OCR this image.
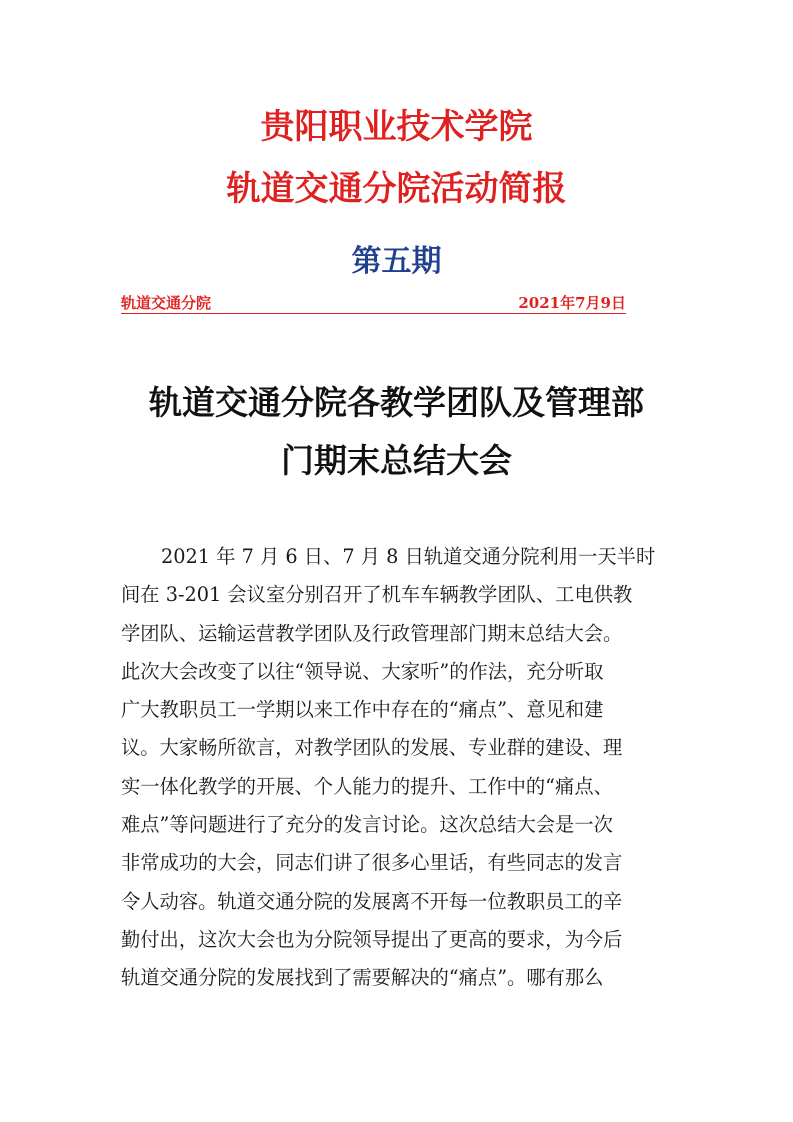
贵阳职业技术学院
轨道交通分院活动简报
第五期
轨道交通分院	2021年7月9日
轨道交通分院各教学团队及管理部
门期末总结大会
2021 年 7 月 6 日、7 月 8 日轨道交通分院利用一天半时
间在 3-201 会议室分别召开了机车车辆教学团队、工电供教
学团队、运输运营教学团队及行政管理部门期末总结大会。
此次大会改变了以往“领导说、大家听”的作法，充分听取
广大教职员工一学期以来工作中存在的“痛点”、意见和建
议。大家畅所欲言，对教学团队的发展、专业群的建设、理
实一体化教学的开展、个人能力的提升、工作中的“痛点、
难点”等问题进行了充分的发言讨论。这次总结大会是一次
非常成功的大会，同志们讲了很多心里话，有些同志的发言
令人动容。轨道交通分院的发展离不开每一位教职员工的辛
勤付出，这次大会也为分院领导提出了更高的要求，为今后
轨道交通分院的发展找到了需要解决的“痛点”。哪有那么
